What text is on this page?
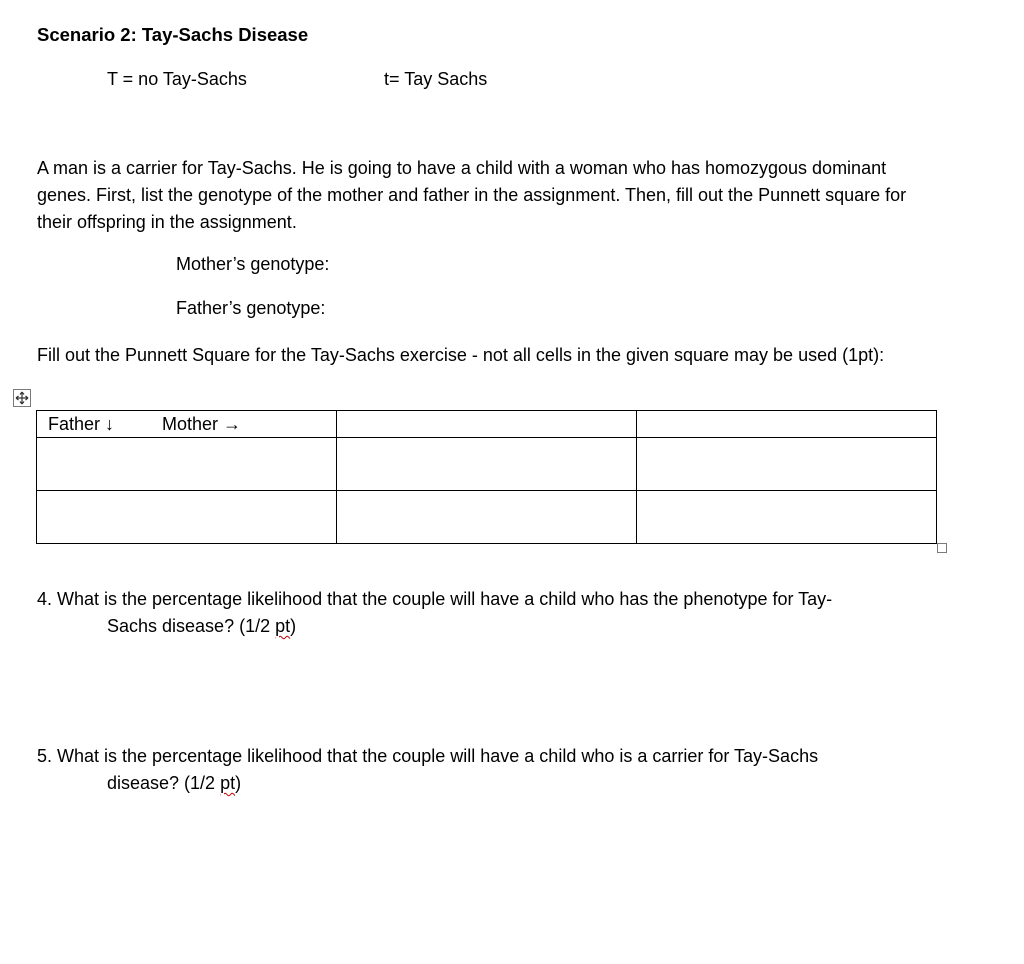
Scenario 2: Tay-Sachs Disease
T = no Tay-Sachs	t= Tay Sachs
A man is a carrier for Tay-Sachs. He is going to have a child with a woman who has homozygous dominant genes. First, list the genotype of the mother and father in the assignment. Then, fill out the Punnett square for their offspring in the assignment.
Mother’s genotype:
Father’s genotype:
Fill out the Punnett Square for the Tay-Sachs exercise - not all cells in the given square may be used (1pt):
Father ↓ Mother →		

4. What is the percentage likelihood that the couple will have a child who has the phenotype for Tay-
Sachs disease? (1/2 pt)
5. What is the percentage likelihood that the couple will have a child who is a carrier for Tay-Sachs
disease? (1/2 pt)
